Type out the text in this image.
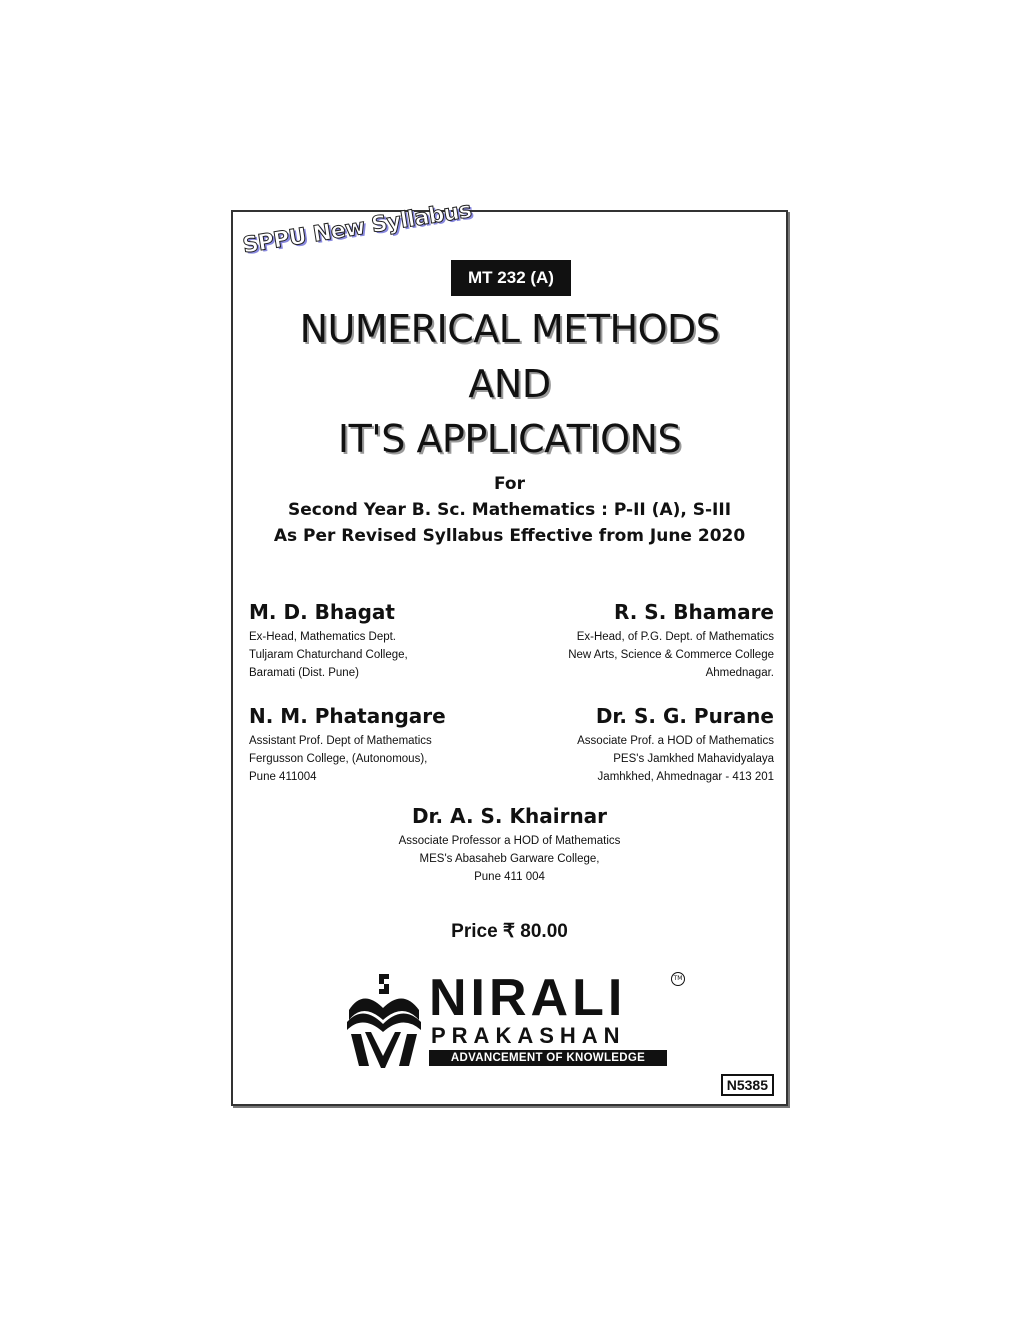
SPPU New Syllabus
MT 232 (A)
NUMERICAL METHODS
AND
IT'S APPLICATIONS
For
Second Year B. Sc. Mathematics : P-II (A), S-III
As Per Revised Syllabus Effective from June 2020
M. D. Bhagat
Ex-Head, Mathematics Dept.
Tuljaram Chaturchand College,
Baramati (Dist. Pune)
R. S. Bhamare
Ex-Head, of P.G. Dept. of Mathematics
New Arts, Science & Commerce College
Ahmednagar.
N. M. Phatangare
Assistant Prof. Dept of Mathematics
Fergusson College, (Autonomous),
Pune 411004
Dr. S. G. Purane
Associate Prof. a HOD of Mathematics
PES's Jamkhed Mahavidyalaya
Jamhkhed, Ahmednagar - 413 201
Dr. A. S. Khairnar
Associate Professor a HOD of Mathematics
MES's Abasaheb Garware College,
Pune 411 004
Price ₹ 80.00
NIRALI	TM
PRAKASHAN
ADVANCEMENT OF KNOWLEDGE
N5385
